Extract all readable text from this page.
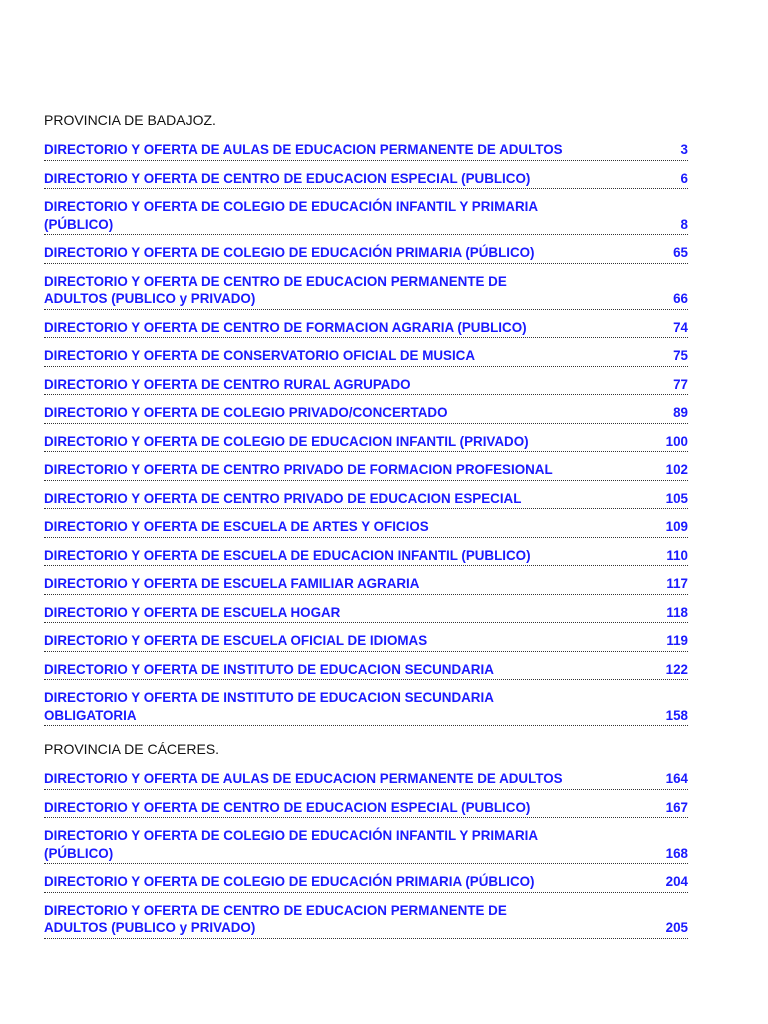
PROVINCIA DE BADAJOZ.
DIRECTORIO Y OFERTA DE AULAS DE EDUCACION PERMANENTE DE ADULTOS	3
DIRECTORIO Y OFERTA DE CENTRO DE EDUCACION ESPECIAL (PUBLICO)	6
DIRECTORIO Y OFERTA DE COLEGIO DE EDUCACIÓN INFANTIL Y PRIMARIA
(PÚBLICO)	8
DIRECTORIO Y OFERTA DE COLEGIO DE EDUCACIÓN PRIMARIA (PÚBLICO)	65
DIRECTORIO Y OFERTA DE CENTRO DE EDUCACION PERMANENTE DE
ADULTOS (PUBLICO y PRIVADO)	66
DIRECTORIO Y OFERTA DE CENTRO DE FORMACION AGRARIA (PUBLICO)	74
DIRECTORIO Y OFERTA DE CONSERVATORIO OFICIAL DE MUSICA	75
DIRECTORIO Y OFERTA DE CENTRO RURAL AGRUPADO	77
DIRECTORIO Y OFERTA DE COLEGIO PRIVADO/CONCERTADO	89
DIRECTORIO Y OFERTA DE COLEGIO DE EDUCACION INFANTIL (PRIVADO)	100
DIRECTORIO Y OFERTA DE CENTRO PRIVADO DE FORMACION PROFESIONAL	102
DIRECTORIO Y OFERTA DE CENTRO PRIVADO DE EDUCACION ESPECIAL	105
DIRECTORIO Y OFERTA DE ESCUELA DE ARTES Y OFICIOS	109
DIRECTORIO Y OFERTA DE ESCUELA DE EDUCACION INFANTIL (PUBLICO)	110
DIRECTORIO Y OFERTA DE ESCUELA FAMILIAR AGRARIA	117
DIRECTORIO Y OFERTA DE ESCUELA HOGAR	118
DIRECTORIO Y OFERTA DE ESCUELA OFICIAL DE IDIOMAS	119
DIRECTORIO Y OFERTA DE INSTITUTO DE EDUCACION SECUNDARIA	122
DIRECTORIO Y OFERTA DE INSTITUTO DE EDUCACION SECUNDARIA
OBLIGATORIA	158
PROVINCIA DE CÁCERES.
DIRECTORIO Y OFERTA DE AULAS DE EDUCACION PERMANENTE DE ADULTOS	164
DIRECTORIO Y OFERTA DE CENTRO DE EDUCACION ESPECIAL (PUBLICO)	167
DIRECTORIO Y OFERTA DE COLEGIO DE EDUCACIÓN INFANTIL Y PRIMARIA
(PÚBLICO)	168
DIRECTORIO Y OFERTA DE COLEGIO DE EDUCACIÓN PRIMARIA (PÚBLICO)	204
DIRECTORIO Y OFERTA DE CENTRO DE EDUCACION PERMANENTE DE
ADULTOS (PUBLICO y PRIVADO)	205
